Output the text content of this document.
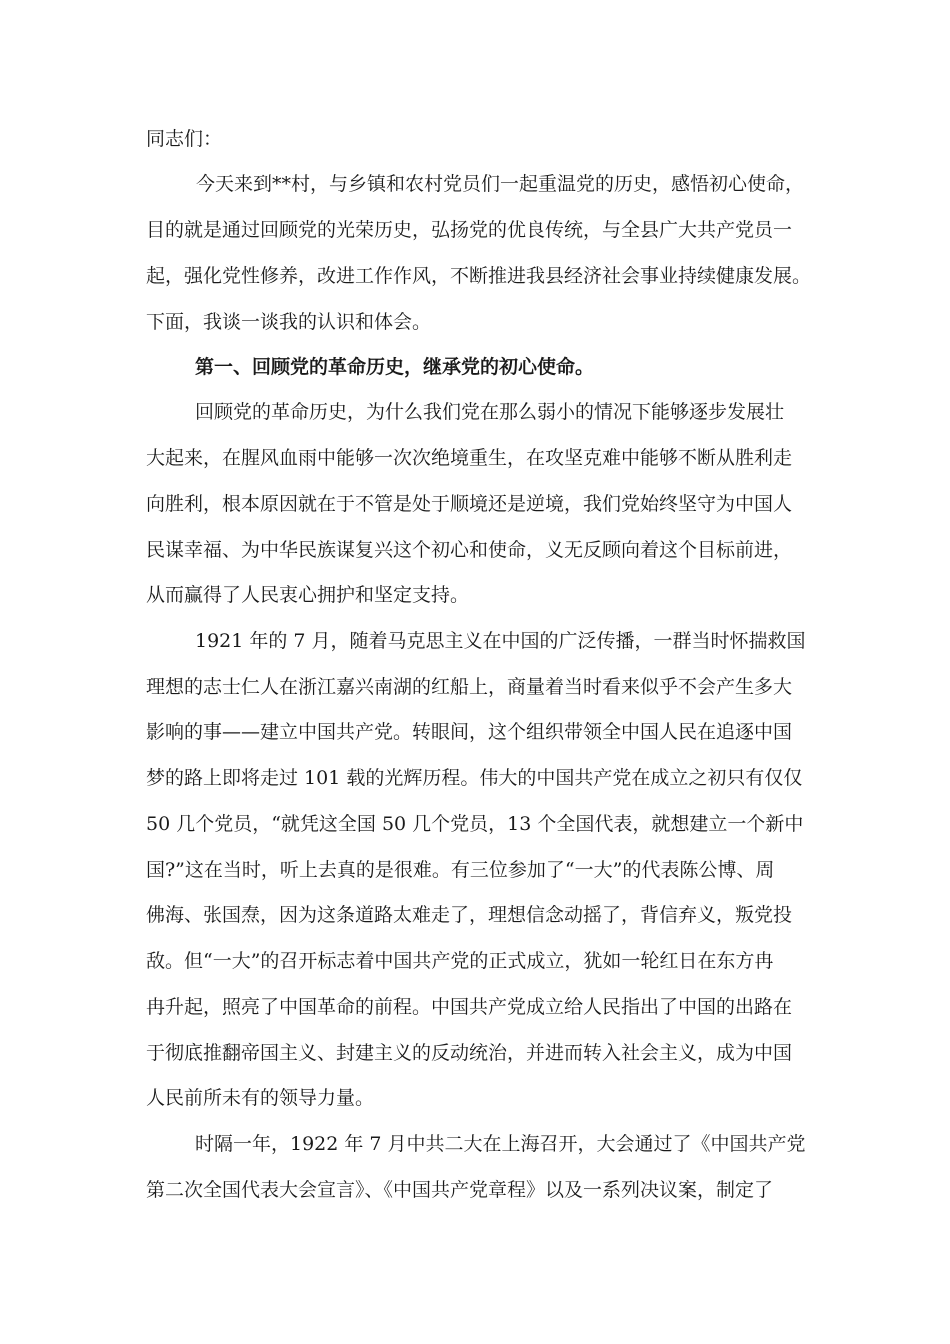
同志们：
今天来到**村，与乡镇和农村党员们一起重温党的历史，感悟初心使命，
目的就是通过回顾党的光荣历史，弘扬党的优良传统，与全县广大共产党员一
起，强化党性修养，改进工作作风，不断推进我县经济社会事业持续健康发展。
下面，我谈一谈我的认识和体会。
第一、回顾党的革命历史，继承党的初心使命。
回顾党的革命历史，为什么我们党在那么弱小的情况下能够逐步发展壮
大起来，在腥风血雨中能够一次次绝境重生，在攻坚克难中能够不断从胜利走
向胜利，根本原因就在于不管是处于顺境还是逆境，我们党始终坚守为中国人
民谋幸福、为中华民族谋复兴这个初心和使命，义无反顾向着这个目标前进，
从而赢得了人民衷心拥护和坚定支持。
1921 年的 7 月，随着马克思主义在中国的广泛传播，一群当时怀揣救国
理想的志士仁人在浙江嘉兴南湖的红船上，商量着当时看来似乎不会产生多大
影响的事——建立中国共产党。转眼间，这个组织带领全中国人民在追逐中国
梦的路上即将走过 101 载的光辉历程。伟大的中国共产党在成立之初只有仅仅
50 几个党员，“就凭这全国 50 几个党员，13 个全国代表，就想建立一个新中
国?”这在当时，听上去真的是很难。有三位参加了“一大”的代表陈公博、周
佛海、张国焘，因为这条道路太难走了，理想信念动摇了，背信弃义，叛党投
敌。但“一大”的召开标志着中国共产党的正式成立，犹如一轮红日在东方冉
冉升起，照亮了中国革命的前程。中国共产党成立给人民指出了中国的出路在
于彻底推翻帝国主义、封建主义的反动统治，并进而转入社会主义，成为中国
人民前所未有的领导力量。
时隔一年，1922 年 7 月中共二大在上海召开，大会通过了《中国共产党
第二次全国代表大会宣言》、《中国共产党章程》以及一系列决议案，制定了
